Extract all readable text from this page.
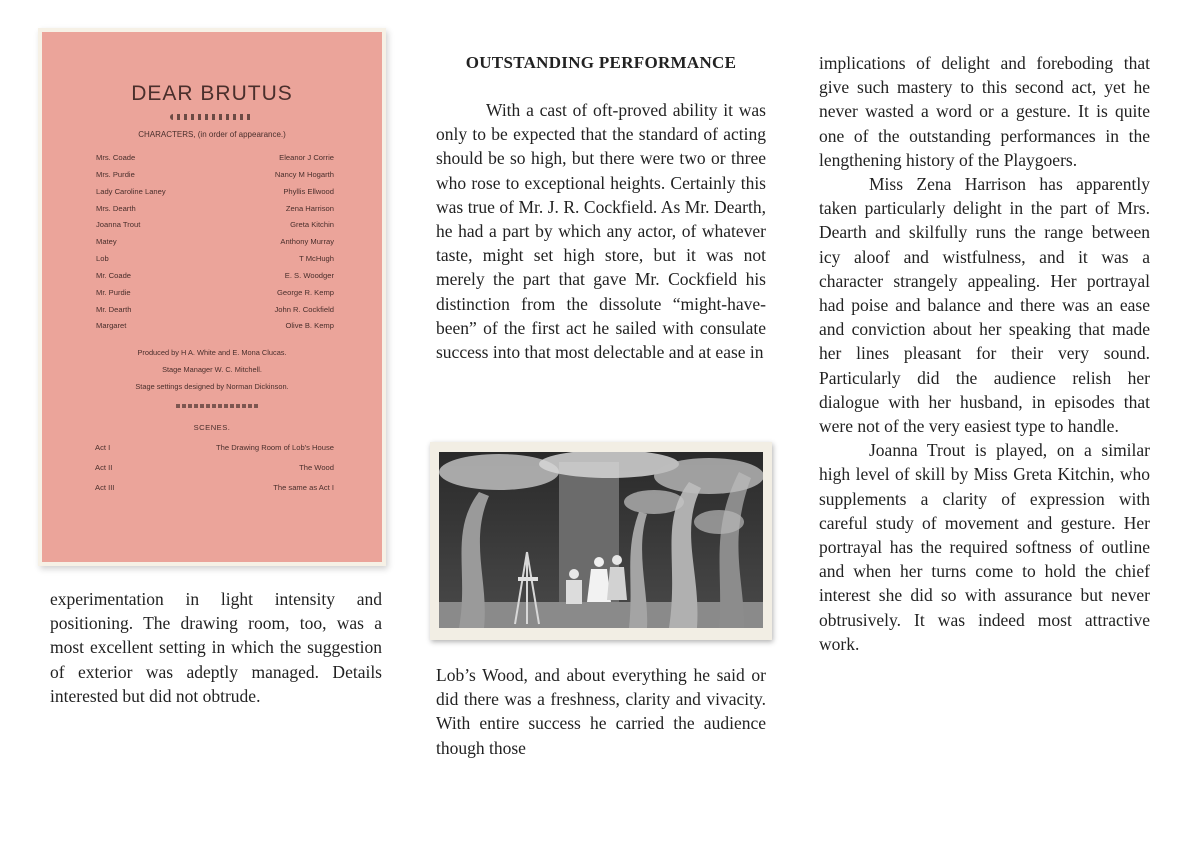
DEAR BRUTUS
CHARACTERS, (in order of appearance.)
Mrs. Coade	Eleanor J Corrie
Mrs. Purdie	Nancy M Hogarth
Lady Caroline Laney	Phyllis Ellwood
Mrs. Dearth	Zena Harrison
Joanna Trout	Greta Kitchin
Matey	Anthony Murray
Lob	T McHugh
Mr. Coade	E. S. Woodger
Mr. Purdie	George R. Kemp
Mr. Dearth	John R. Cockfield
Margaret	Olive B. Kemp
Produced by H A. White and E. Mona Clucas.
Stage Manager W. C. Mitchell.
Stage settings designed by Norman Dickinson.
SCENES.
Act I	The Drawing Room of Lob's House
Act II	The Wood
Act III	The same as Act I

experimentation in light intensity and positioning. The drawing room, too, was a most excellent setting in which the suggestion of exterior was adeptly managed. Details interested but did not obtrude.

OUTSTANDING PERFORMANCE

With a cast of oft-proved ability it was only to be expected that the standard of acting should be so high, but there were two or three who rose to exceptional heights. Certainly this was true of Mr. J. R. Cockfield. As Mr. Dearth, he had a part by which any actor, of whatever taste, might set high store, but it was not merely the part that gave Mr. Cockfield his distinction from the dissolute “might-have-been” of the first act he sailed with consulate success into that most delectable and at ease in

Lob’s Wood, and about everything he said or did there was a freshness, clarity and vivacity. With entire success he carried the audience though those

implications of delight and foreboding that give such mastery to this second act, yet he never wasted a word or a gesture. It is quite one of the outstanding performances in the lengthening history of the Playgoers.

Miss Zena Harrison has apparently taken particularly delight in the part of Mrs. Dearth and skilfully runs the range between icy aloof and wistfulness, and it was a character strangely appealing. Her portrayal had poise and balance and there was an ease and conviction about her speaking that made her lines pleasant for their very sound. Particularly did the audience relish her dialogue with her husband, in episodes that were not of the very easiest type to handle.

Joanna Trout is played, on a similar high level of skill by Miss Greta Kitchin, who supplements a clarity of expression with careful study of movement and gesture. Her portrayal has the required softness of outline and when her turns come to hold the chief interest she did so with assurance but never obtrusively. It was indeed most attractive work.
